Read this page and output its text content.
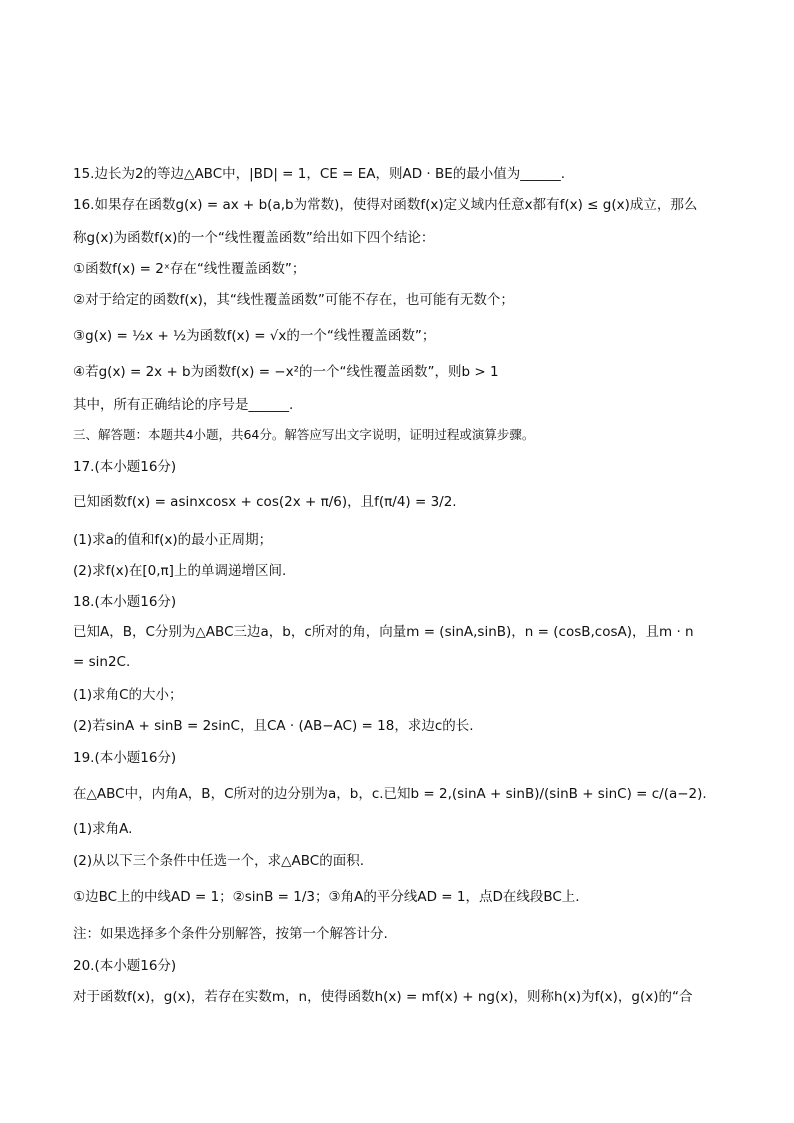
15.边长为2的等边△ABC中，|BD| = 1，CE = EA，则AD · BE的最小值为______.
16.如果存在函数g(x) = ax + b(a,b为常数)，使得对函数f(x)定义域内任意x都有f(x) ≤ g(x)成立，那么
称g(x)为函数f(x)的一个“线性覆盖函数”给出如下四个结论：
①函数f(x) = 2ˣ存在“线性覆盖函数”；
②对于给定的函数f(x)，其“线性覆盖函数”可能不存在，也可能有无数个；
③g(x) = ½x + ½为函数f(x) = √x的一个“线性覆盖函数”；
④若g(x) = 2x + b为函数f(x) = −x²的一个“线性覆盖函数”，则b > 1
其中，所有正确结论的序号是______.
三、解答题：本题共4小题，共64分。解答应写出文字说明，证明过程或演算步骤。
17.(本小题16分)
已知函数f(x) = asinxcosx + cos(2x + π/6)，且f(π/4) = 3/2.
(1)求a的值和f(x)的最小正周期；
(2)求f(x)在[0,π]上的单调递增区间.
18.(本小题16分)
已知A，B，C分别为△ABC三边a，b，c所对的角，向量m = (sinA,sinB)，n = (cosB,cosA)，且m · n
= sin2C.
(1)求角C的大小；
(2)若sinA + sinB = 2sinC，且CA · (AB−AC) = 18，求边c的长.
19.(本小题16分)
在△ABC中，内角A，B，C所对的边分别为a，b，c.已知b = 2,(sinA + sinB)/(sinB + sinC) = c/(a−2).
(1)求角A.
(2)从以下三个条件中任选一个，求△ABC的面积.
①边BC上的中线AD = 1；②sinB = 1/3；③角A的平分线AD = 1，点D在线段BC上.
注：如果选择多个条件分别解答，按第一个解答计分.
20.(本小题16分)
对于函数f(x)，g(x)，若存在实数m，n，使得函数h(x) = mf(x) + ng(x)，则称h(x)为f(x)，g(x)的“合
